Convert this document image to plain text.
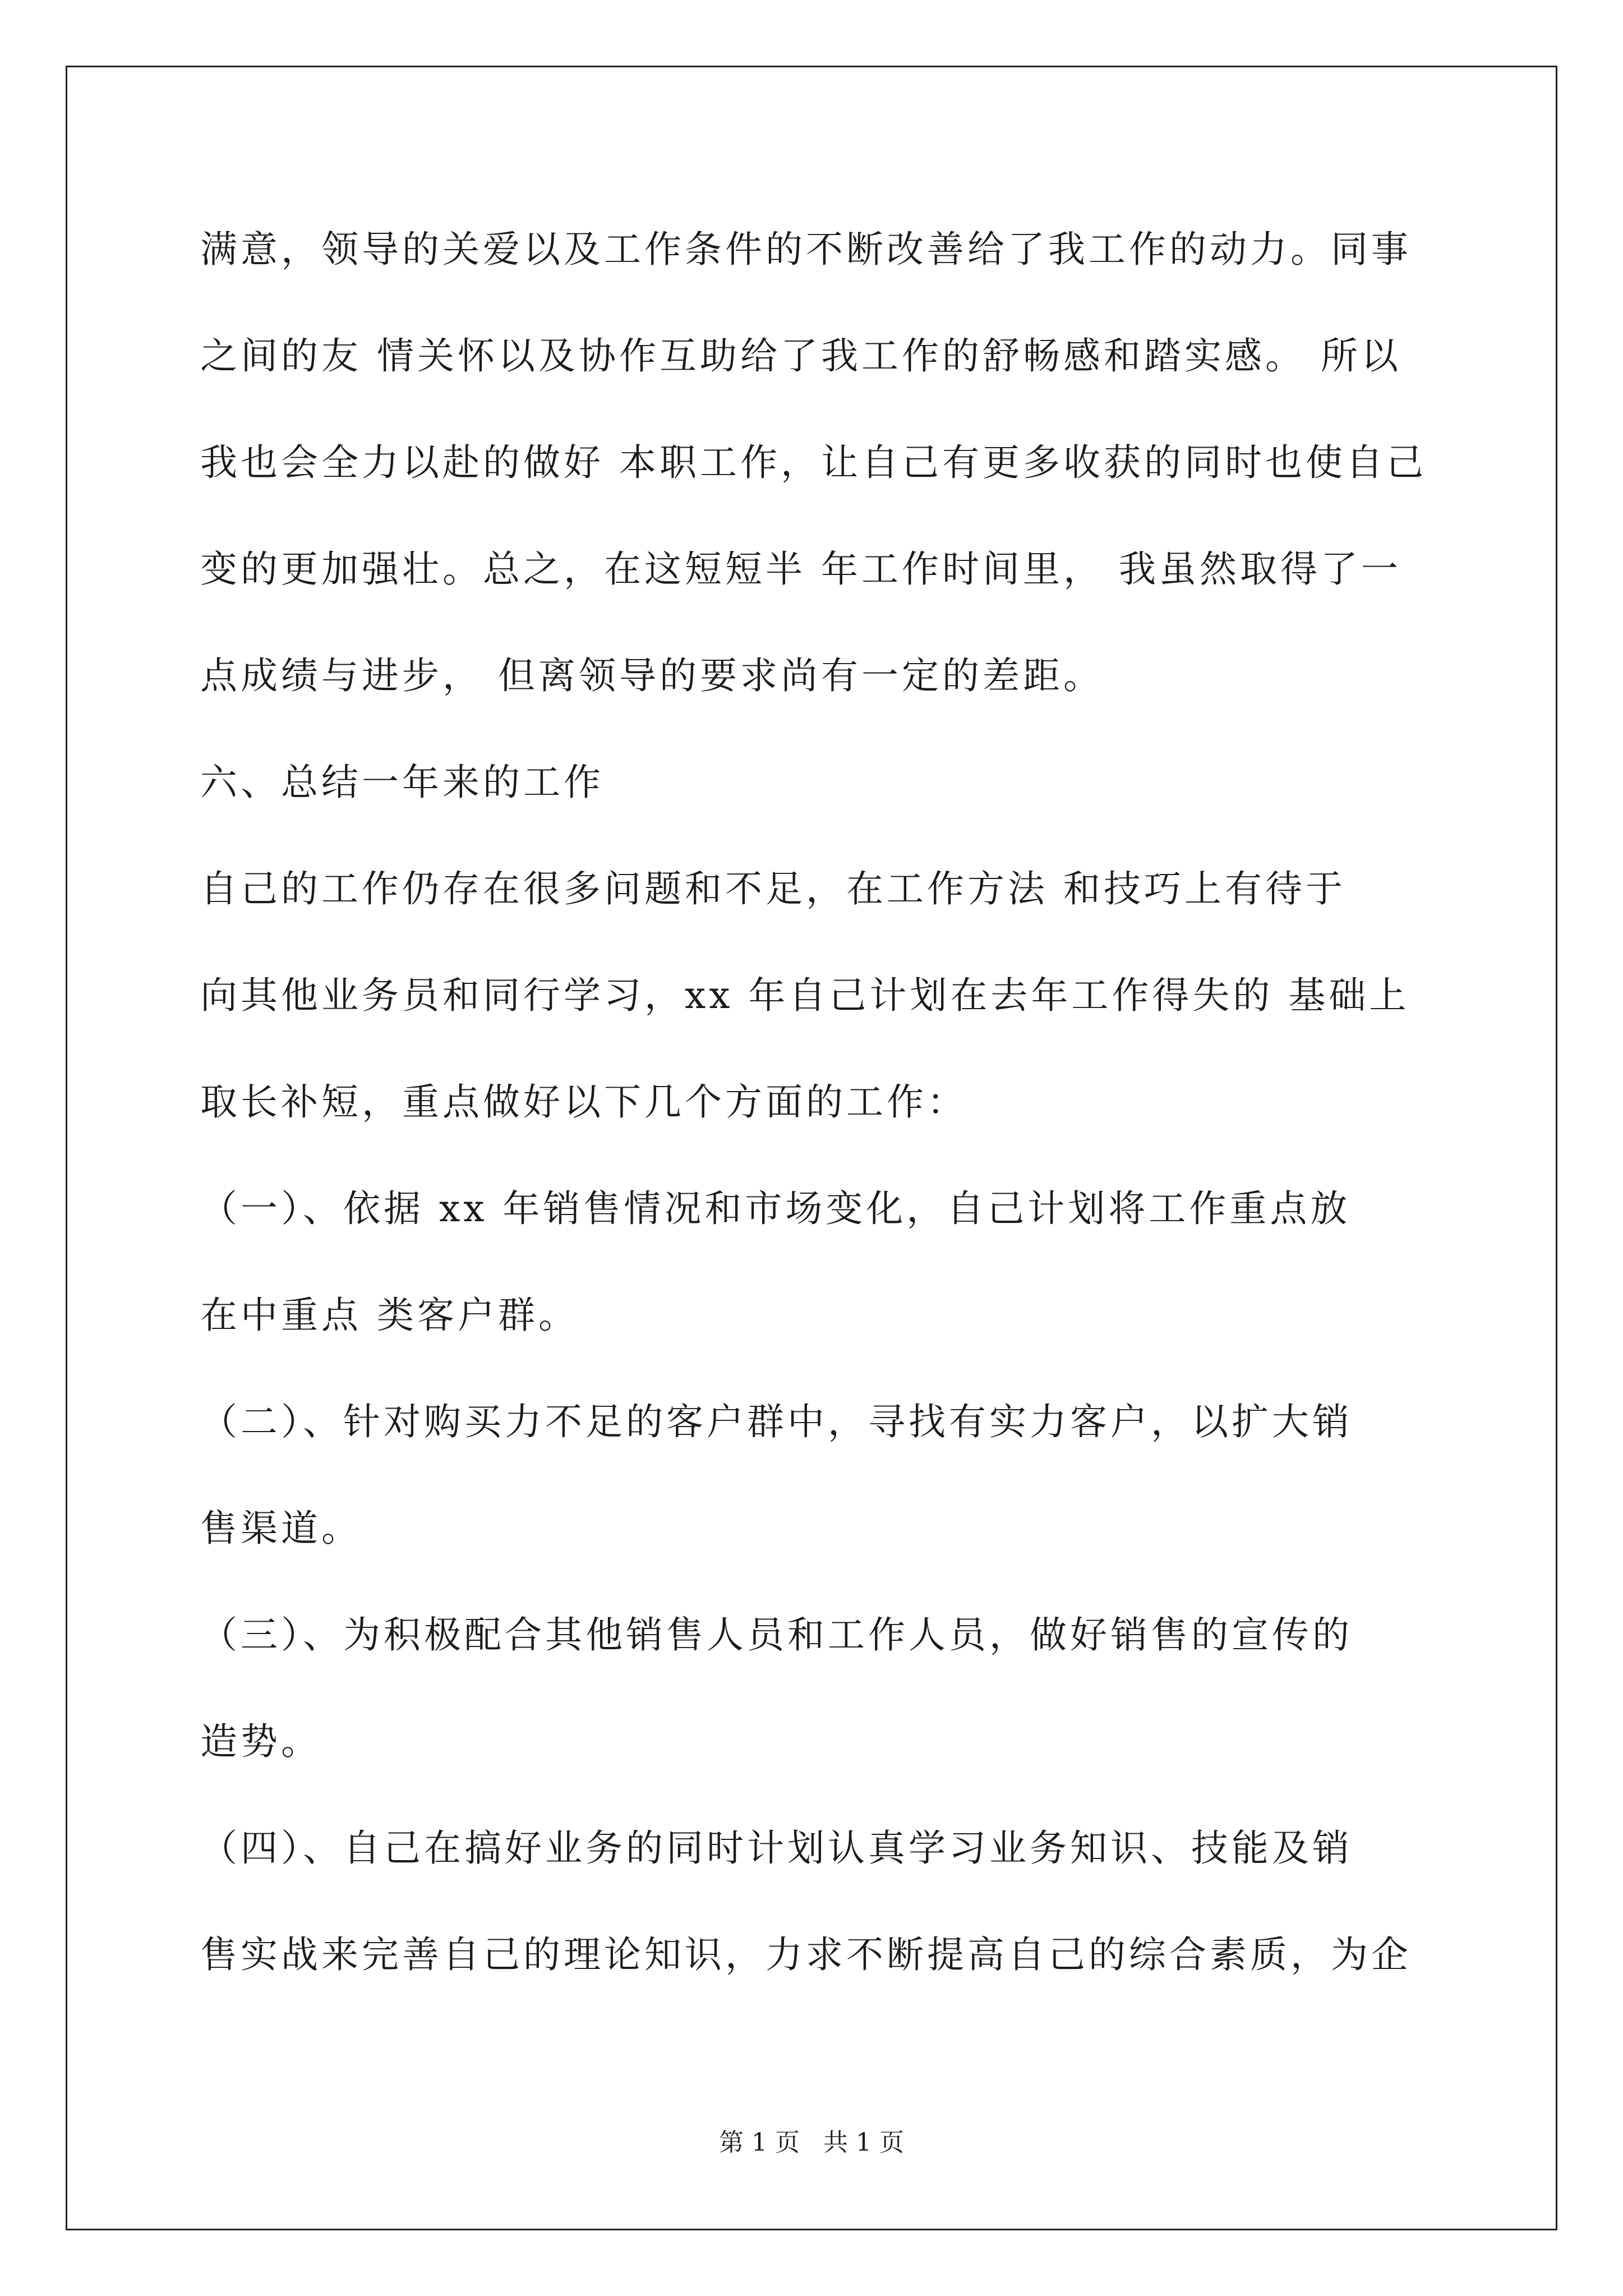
满意，领导的关爱以及工作条件的不断改善给了我工作的动力。同事
之间的友 情关怀以及协作互助给了我工作的舒畅感和踏实感。 所以
我也会全力以赴的做好 本职工作，让自己有更多收获的同时也使自己
变的更加强壮。总之，在这短短半 年工作时间里， 我虽然取得了一
点成绩与进步， 但离领导的要求尚有一定的差距。
六、总结一年来的工作
自己的工作仍存在很多问题和不足，在工作方法 和技巧上有待于
向其他业务员和同行学习，xx 年自己计划在去年工作得失的 基础上
取长补短，重点做好以下几个方面的工作：
（一）、依据 xx 年销售情况和市场变化，自己计划将工作重点放
在中重点 类客户群。
（二）、针对购买力不足的客户群中，寻找有实力客户，以扩大销
售渠道。
（三）、为积极配合其他销售人员和工作人员，做好销售的宣传的
造势。
（四）、自己在搞好业务的同时计划认真学习业务知识、技能及销
售实战来完善自己的理论知识，力求不断提高自己的综合素质，为企
第 1 页   共 1 页
